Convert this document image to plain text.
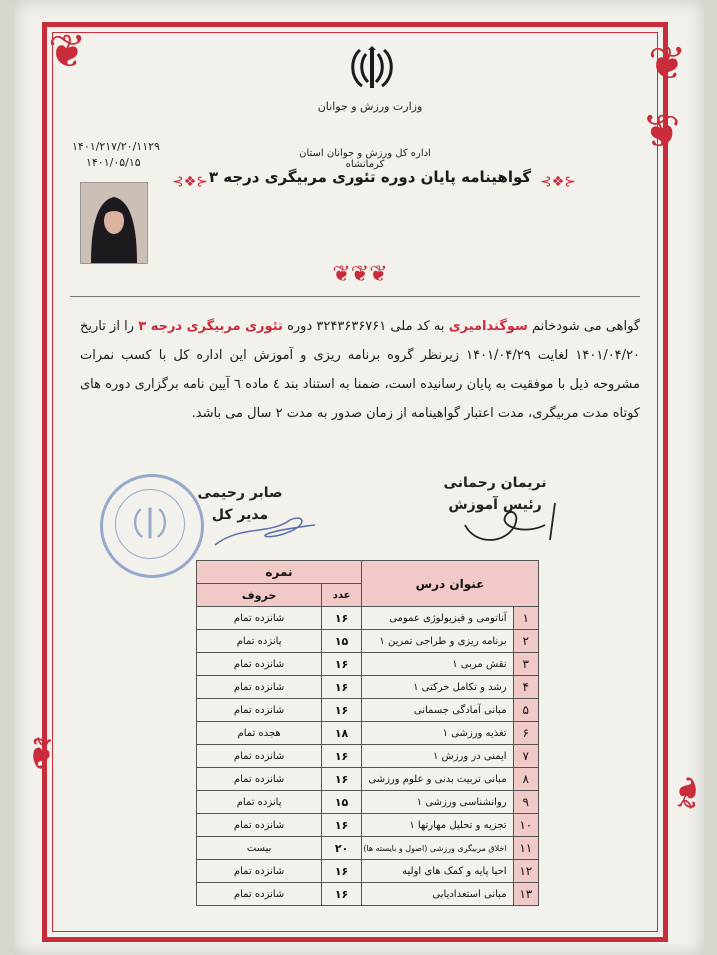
❦
❦
❦
❧
❧
وزارت ورزش و جوانان
اداره کل ورزش و جوانان استان کرمانشاه
۱۴۰۱/۲۱۷/۲۰/۱۱۲۹
۱۴۰۱/۰۵/۱۵
⊰❖⊱ گواهینامه پایان دوره تئوری مربیگری درجه ۳ ⊰❖⊱
❦❦❦
گواهی می شودخانم سوگندامیری به کد ملی ۳۲۴۳۶۳۶۷۶۱ دوره تئوری مربیگری درجه ۳ را از تاریخ ۱۴۰۱/۰۴/۲۰ لغایت ۱۴۰۱/۰۴/۲۹ زیرنظر گروه برنامه ریزی و آموزش این اداره کل با کسب نمرات مشروحه ذیل با موفقیت به پایان رسانیده است، ضمنا به استناد بند ٤ ماده ٦ آیین نامه برگزاری دوره های کوتاه مدت مربیگری، مدت اعتبار گواهینامه از زمان صدور به مدت ۲ سال می باشد.
صابر رحیمی
مدیر کل
نریمان رحمانی
رئیس آموزش
عنوان درس		نمره	
		عدد	حروف
۱	آناتومی و فیزیولوژی عمومی	۱۶	شانزده تمام
۲	برنامه ریزی و طراحی تمرین ۱	۱۵	پانزده تمام
۳	نقش مربی ۱	۱۶	شانزده تمام
۴	رشد و تکامل حرکتی ۱	۱۶	شانزده تمام
۵	مبانی آمادگی جسمانی	۱۶	شانزده تمام
۶	تغذیه ورزشی ۱	۱۸	هجده تمام
۷	ایمنی در ورزش ۱	۱۶	شانزده تمام
۸	مبانی تربیت بدنی و علوم ورزشی	۱۶	شانزده تمام
۹	روانشناسی ورزشی ۱	۱۵	پانزده تمام
۱۰	تجزیه و تحلیل مهارتها ۱	۱۶	شانزده تمام
۱۱	اخلاق مربیگری ورزشی (اصول و بایسته ها)	۲۰	بیست
۱۲	احیا پایه و کمک های اولیه	۱۶	شانزده تمام
۱۳	مبانی استعدادیابی	۱۶	شانزده تمام
